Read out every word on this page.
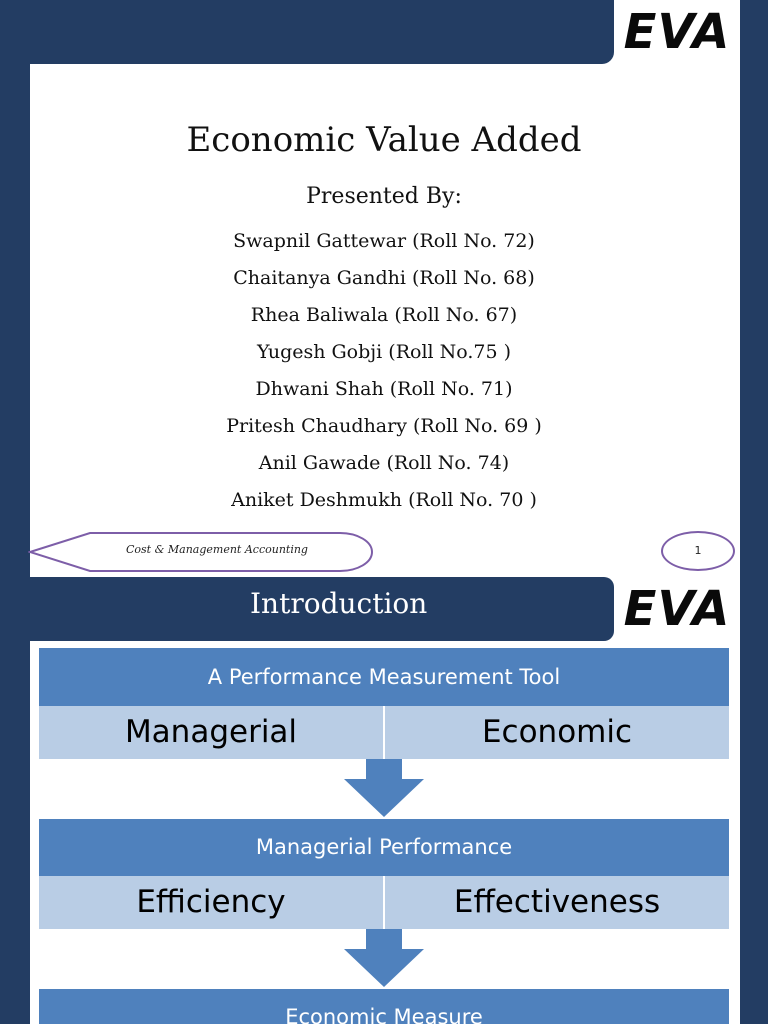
EVA
Economic Value Added
Presented By:
Swapnil Gattewar (Roll No. 72)
Chaitanya Gandhi (Roll No. 68)
Rhea Baliwala (Roll No. 67)
Yugesh Gobji (Roll No.75 )
Dhwani Shah (Roll No. 71)
Pritesh Chaudhary (Roll No. 69 )
Anil Gawade (Roll No. 74)
Aniket Deshmukh (Roll No. 70 )
Cost & Management Accounting	1
Introduction	EVA
A Performance Measurement Tool
Managerial	Economic
Managerial Performance
Efficiency	Effectiveness
Economic Measure
